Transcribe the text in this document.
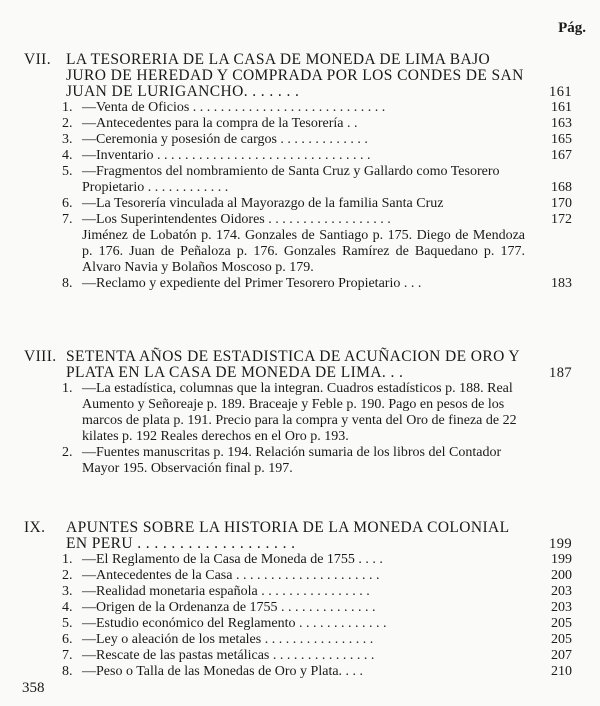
Pág.
VII. LA TESORERIA DE LA CASA DE MONEDA DE LIMA BAJO JURO DE HEREDAD Y COMPRADA POR LOS CONDES DE SAN JUAN DE LURIGANCHO. . . . . . .	161
1. —Venta de Oficios . . . . . . . . . . . . . . . . . . . . . . . . . . . .	161
2. —Antecedentes para la compra de la Tesorería . .	163
3. —Ceremonia y posesión de cargos . . . . . . . . . . . . .	165
4. —Inventario . . . . . . . . . . . . . . . . . . . . . . . . . . . . . . .	167
5. —Fragmentos del nombramiento de Santa Cruz y Gallardo como Tesorero Propietario . . . . . . . . . . . .	168
6. —La Tesorería vinculada al Mayorazgo de la familia Santa Cruz	170
7. —Los Superintendentes Oidores . . . . . . . . . . . . . . . . . .	172
Jiménez de Lobatón p. 174. Gonzales de Santiago p. 175. Diego de Mendoza p. 176. Juan de Peñaloza p. 176. Gonzales Ramírez de Baquedano p. 177. Alvaro Navia y Bolaños Moscoso p. 179.
8. —Reclamo y expediente del Primer Tesorero Propietario . . .	183
VIII. SETENTA AÑOS DE ESTADISTICA DE ACUÑACION DE ORO Y PLATA EN LA CASA DE MONEDA DE LIMA. . .	187
1. —La estadística, columnas que la integran. Cuadros estadísticos p. 188. Real Aumento y Señoreaje p. 189. Braceaje y Feble p. 190. Pago en pesos de los marcos de plata p. 191. Precio para la compra y venta del Oro de fineza de 22 kilates p. 192 Reales derechos en el Oro p. 193.
2. —Fuentes manuscritas p. 194. Relación sumaria de los libros del Contador Mayor 195. Observación final p. 197.
IX. APUNTES SOBRE LA HISTORIA DE LA MONEDA COLONIAL EN PERU . . . . . . . . . . . . . . . . . . .	199
1. —El Reglamento de la Casa de Moneda de 1755 . . . .	199
2. —Antecedentes de la Casa . . . . . . . . . . . . . . . . . . . . .	200
3. —Realidad monetaria española . . . . . . . . . . . . . . . .	203
4. —Origen de la Ordenanza de 1755 . . . . . . . . . . . . . .	203
5. —Estudio económico del Reglamento . . . . . . . . . . . . .	205
6. —Ley o aleación de los metales . . . . . . . . . . . . . . . .	205
7. —Rescate de las pastas metálicas . . . . . . . . . . . . . . .	207
8. —Peso o Talla de las Monedas de Oro y Plata. . . .	210
358
